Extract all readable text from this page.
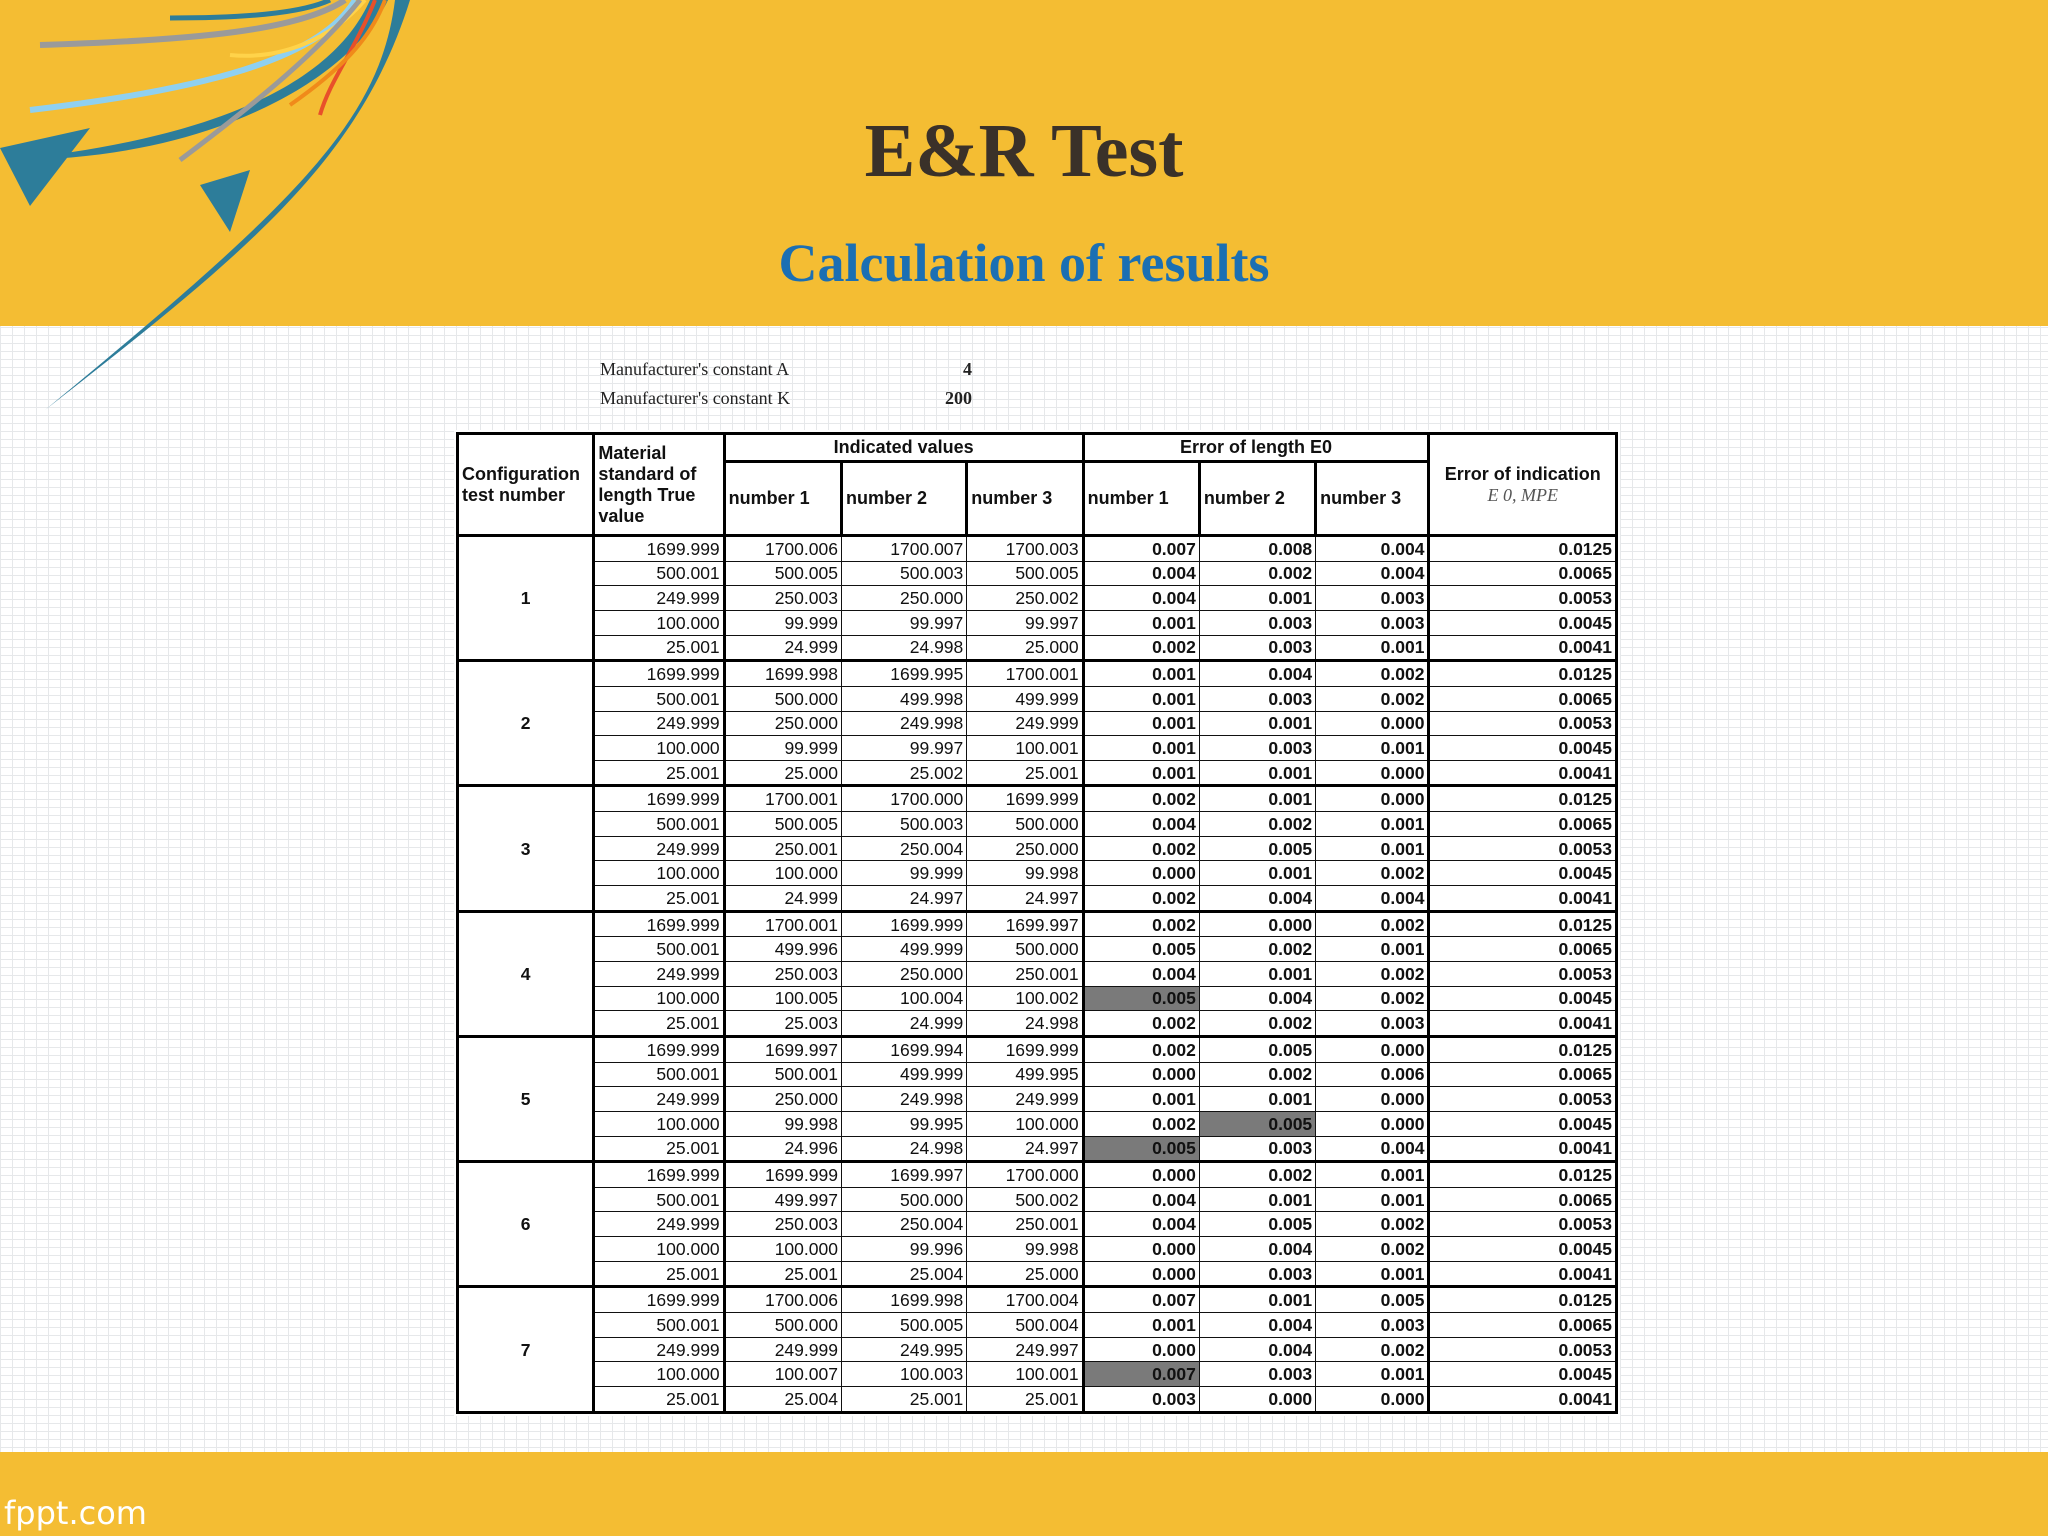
E&R Test
Calculation of results
Manufacturer's constant A	4
Manufacturer's constant K	200
Configuration test number	Material standard of length True value	Indicated values			Error of length E0			Error of indication
E 0, MPE

		number 1	number 2	number 3	number 1	number 2	number 3	
1	1699.999	1700.006	1700.007	1700.003	0.007	0.008	0.004	0.0125
	500.001	500.005	500.003	500.005	0.004	0.002	0.004	0.0065
	249.999	250.003	250.000	250.002	0.004	0.001	0.003	0.0053
	100.000	99.999	99.997	99.997	0.001	0.003	0.003	0.0045
	25.001	24.999	24.998	25.000	0.002	0.003	0.001	0.0041
2	1699.999	1699.998	1699.995	1700.001	0.001	0.004	0.002	0.0125
	500.001	500.000	499.998	499.999	0.001	0.003	0.002	0.0065
	249.999	250.000	249.998	249.999	0.001	0.001	0.000	0.0053
	100.000	99.999	99.997	100.001	0.001	0.003	0.001	0.0045
	25.001	25.000	25.002	25.001	0.001	0.001	0.000	0.0041
3	1699.999	1700.001	1700.000	1699.999	0.002	0.001	0.000	0.0125
	500.001	500.005	500.003	500.000	0.004	0.002	0.001	0.0065
	249.999	250.001	250.004	250.000	0.002	0.005	0.001	0.0053
	100.000	100.000	99.999	99.998	0.000	0.001	0.002	0.0045
	25.001	24.999	24.997	24.997	0.002	0.004	0.004	0.0041
4	1699.999	1700.001	1699.999	1699.997	0.002	0.000	0.002	0.0125
	500.001	499.996	499.999	500.000	0.005	0.002	0.001	0.0065
	249.999	250.003	250.000	250.001	0.004	0.001	0.002	0.0053
	100.000	100.005	100.004	100.002	0.005	0.004	0.002	0.0045
	25.001	25.003	24.999	24.998	0.002	0.002	0.003	0.0041
5	1699.999	1699.997	1699.994	1699.999	0.002	0.005	0.000	0.0125
	500.001	500.001	499.999	499.995	0.000	0.002	0.006	0.0065
	249.999	250.000	249.998	249.999	0.001	0.001	0.000	0.0053
	100.000	99.998	99.995	100.000	0.002	0.005	0.000	0.0045
	25.001	24.996	24.998	24.997	0.005	0.003	0.004	0.0041
6	1699.999	1699.999	1699.997	1700.000	0.000	0.002	0.001	0.0125
	500.001	499.997	500.000	500.002	0.004	0.001	0.001	0.0065
	249.999	250.003	250.004	250.001	0.004	0.005	0.002	0.0053
	100.000	100.000	99.996	99.998	0.000	0.004	0.002	0.0045
	25.001	25.001	25.004	25.000	0.000	0.003	0.001	0.0041
7	1699.999	1700.006	1699.998	1700.004	0.007	0.001	0.005	0.0125
	500.001	500.000	500.005	500.004	0.001	0.004	0.003	0.0065
	249.999	249.999	249.995	249.997	0.000	0.004	0.002	0.0053
	100.000	100.007	100.003	100.001	0.007	0.003	0.001	0.0045
	25.001	25.004	25.001	25.001	0.003	0.000	0.000	0.0041
fppt.com
